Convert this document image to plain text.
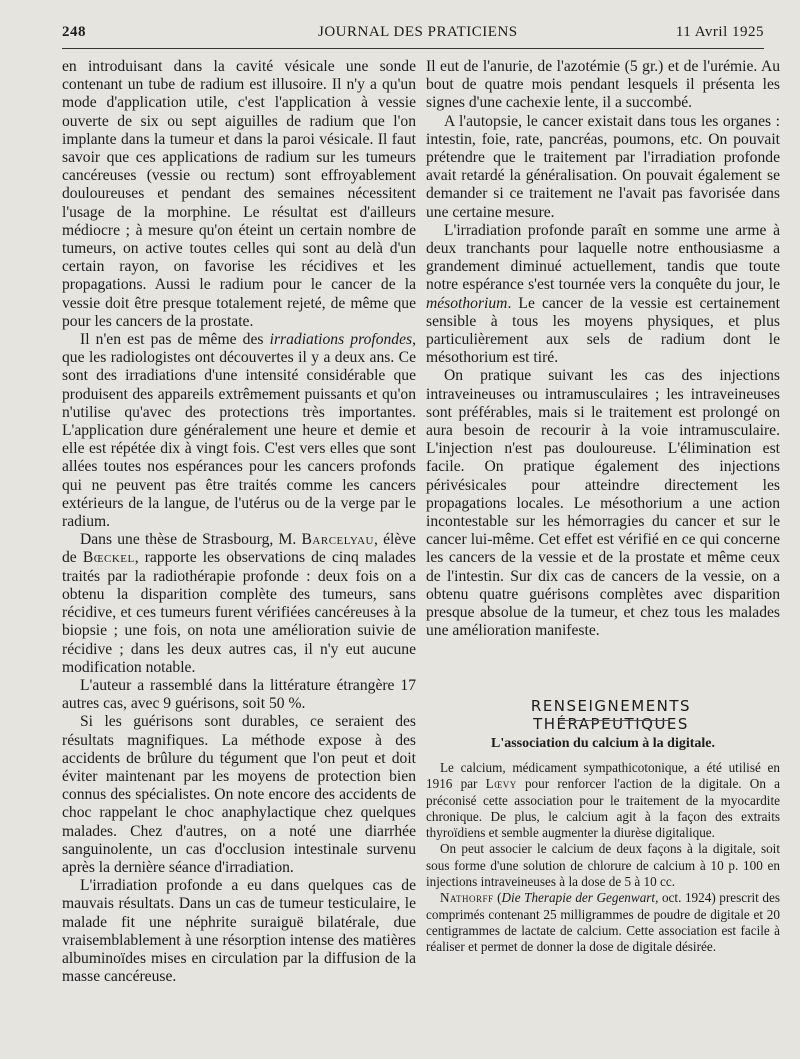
248	JOURNAL DES PRATICIENS	11 Avril 1925

en introduisant dans la cavité vésicale une sonde contenant un tube de radium est illusoire. Il n'y a qu'un mode d'application utile, c'est l'application à vessie ouverte de six ou sept aiguilles de radium que l'on implante dans la tumeur et dans la paroi vésicale. Il faut savoir que ces applications de radium sur les tumeurs cancéreuses (vessie ou rectum) sont effroyablement douloureuses et pendant des semaines nécessitent l'usage de la morphine. Le résultat est d'ailleurs médiocre ; à mesure qu'on éteint un certain nombre de tumeurs, on active toutes celles qui sont au delà d'un certain rayon, on favorise les récidives et les propagations. Aussi le radium pour le cancer de la vessie doit être presque totalement rejeté, de même que pour les cancers de la prostate.

Il n'en est pas de même des irradiations profondes, que les radiologistes ont découvertes il y a deux ans. Ce sont des irradiations d'une intensité considérable que produisent des appareils extrêmement puissants et qu'on n'utilise qu'avec des protections très importantes. L'application dure généralement une heure et demie et elle est répétée dix à vingt fois. C'est vers elles que sont allées toutes nos espérances pour les cancers profonds qui ne peuvent pas être traités comme les cancers extérieurs de la langue, de l'utérus ou de la verge par le radium.

Dans une thèse de Strasbourg, M. Barcelyau, élève de Bœckel, rapporte les observations de cinq malades traités par la radiothérapie profonde : deux fois on a obtenu la disparition complète des tumeurs, sans récidive, et ces tumeurs furent vérifiées cancéreuses à la biopsie ; une fois, on nota une amélioration suivie de récidive ; dans les deux autres cas, il n'y eut aucune modification notable.

L'auteur a rassemblé dans la littérature étrangère 17 autres cas, avec 9 guérisons, soit 50 %.

Si les guérisons sont durables, ce seraient des résultats magnifiques. La méthode expose à des accidents de brûlure du tégument que l'on peut et doit éviter maintenant par les moyens de protection bien connus des spécialistes. On note encore des accidents de choc rappelant le choc anaphylactique chez quelques malades. Chez d'autres, on a noté une diarrhée sanguinolente, un cas d'occlusion intestinale survenu après la dernière séance d'irradiation.

L'irradiation profonde a eu dans quelques cas de mauvais résultats. Dans un cas de tumeur testiculaire, le malade fit une néphrite suraiguë bilatérale, due vraisemblablement à une résorption intense des matières albuminoïdes mises en circulation par la diffusion de la masse cancéreuse.

Il eut de l'anurie, de l'azotémie (5 gr.) et de l'urémie. Au bout de quatre mois pendant lesquels il présenta les signes d'une cachexie lente, il a succombé.

A l'autopsie, le cancer existait dans tous les organes : intestin, foie, rate, pancréas, poumons, etc. On pouvait prétendre que le traitement par l'irradiation profonde avait retardé la généralisation. On pouvait également se demander si ce traitement ne l'avait pas favorisée dans une certaine mesure.

L'irradiation profonde paraît en somme une arme à deux tranchants pour laquelle notre enthousiasme a grandement diminué actuellement, tandis que toute notre espérance s'est tournée vers la conquête du jour, le mésothorium. Le cancer de la vessie est certainement sensible à tous les moyens physiques, et plus particulièrement aux sels de radium dont le mésothorium est tiré.

On pratique suivant les cas des injections intraveineuses ou intramusculaires ; les intraveineuses sont préférables, mais si le traitement est prolongé on aura besoin de recourir à la voie intramusculaire. L'injection n'est pas douloureuse. L'élimination est facile. On pratique également des injections périvésicales pour atteindre directement les propagations locales. Le mésothorium a une action incontestable sur les hémorragies du cancer et sur le cancer lui-même. Cet effet est vérifié en ce qui concerne les cancers de la vessie et de la prostate et même ceux de l'intestin. Sur dix cas de cancers de la vessie, on a obtenu quatre guérisons complètes avec disparition presque absolue de la tumeur, et chez tous les malades une amélioration manifeste.

RENSEIGNEMENTS THÉRAPEUTIQUES
L'association du calcium à la digitale.

Le calcium, médicament sympathicotonique, a été utilisé en 1916 par Lœvy pour renforcer l'action de la digitale. On a préconisé cette association pour le traitement de la myocardite chronique. De plus, le calcium agit à la façon des extraits thyroïdiens et semble augmenter la diurèse digitalique.

On peut associer le calcium de deux façons à la digitale, soit sous forme d'une solution de chlorure de calcium à 10 p. 100 en injections intraveineuses à la dose de 5 à 10 cc.

Nathorff (Die Therapie der Gegenwart, oct. 1924) prescrit des comprimés contenant 25 milligrammes de poudre de digitale et 20 centigrammes de lactate de calcium. Cette association est facile à réaliser et permet de donner la dose de digitale désirée.
